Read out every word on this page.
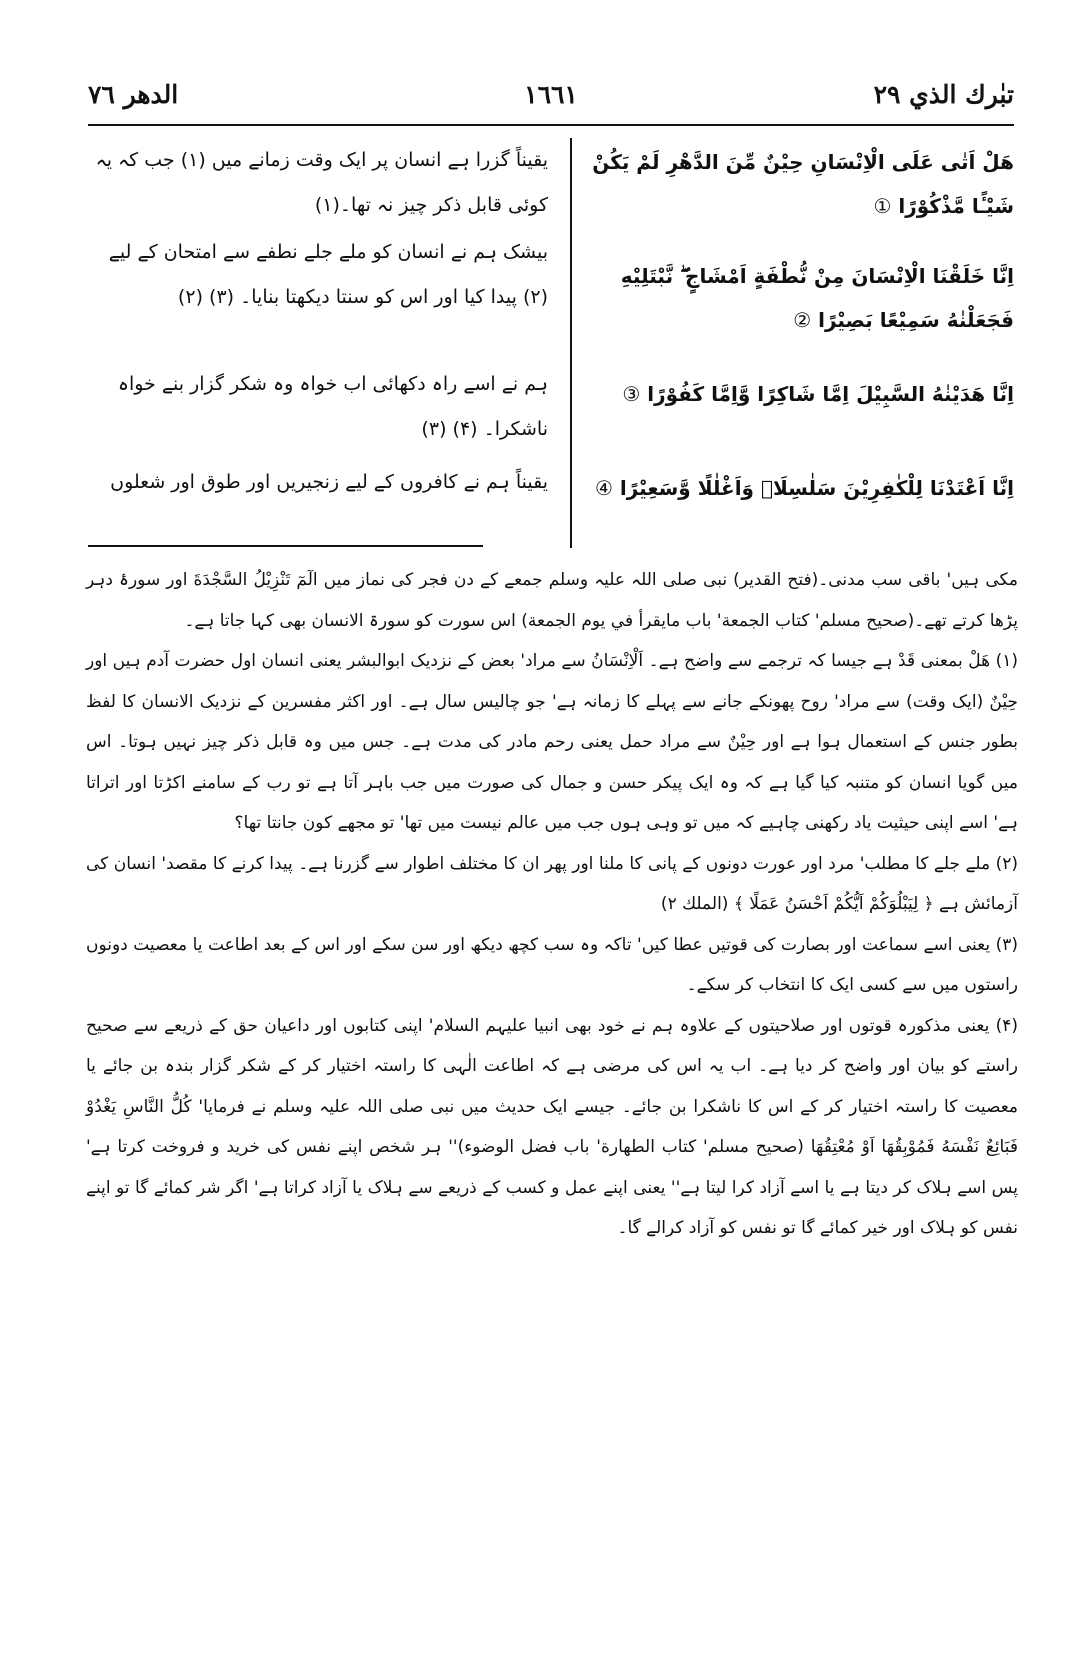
تبٰرك الذي ٢٩
١٦٦١
الدھر ٧٦
هَلْ اَتٰى عَلَى الْاِنْسَانِ حِيْنٌ مِّنَ الدَّهْرِ لَمْ يَكُنْ شَيْـًٔا مَّذْكُوْرًا ①
یقیناً گزرا ہے انسان پر ایک وقت زمانے میں (۱) جب کہ یہ کوئی قابل ذکر چیز نہ تھا۔(۱)
اِنَّا خَلَقْنَا الْاِنْسَانَ مِنْ نُّطْفَةٍ اَمْشَاجٍ ۖ نَّبْتَلِيْهِ فَجَعَلْنٰهُ سَمِيْعًا بَصِيْرًا ②
بیشک ہم نے انسان کو ملے جلے نطفے سے امتحان کے لیے (۲) پیدا کیا اور اس کو سنتا دیکھتا بنایا۔ (۳) (۲)
اِنَّا هَدَيْنٰهُ السَّبِيْلَ اِمَّا شَاكِرًا وَّاِمَّا كَفُوْرًا ③
ہم نے اسے راہ دکھائی اب خواہ وہ شکر گزار بنے خواہ ناشکرا۔ (۴) (۳)
اِنَّا اَعْتَدْنَا لِلْكٰفِرِيْنَ سَلٰسِلَا۟ وَاَغْلٰلًا وَّسَعِيْرًا ④
یقیناً ہم نے کافروں کے لیے زنجیریں اور طوق اور شعلوں

مکی ہیں' باقی سب مدنی۔(فتح القدیر) نبی صلی اللہ علیہ وسلم جمعے کے دن فجر کی نماز میں الٓمٓ تَنْزِيْلُ السَّجْدَةَ اور سورۂ دہر پڑھا کرتے تھے۔(صحیح مسلم' كتاب الجمعة' باب مايقرأ في يوم الجمعة) اس سورت کو سورۃ الانسان بھی کہا جاتا ہے۔

(۱) هَلْ بمعنی قَدْ ہے جیسا کہ ترجمے سے واضح ہے۔ اَلْاِنْسَانُ سے مراد' بعض کے نزدیک ابوالبشر یعنی انسان اول حضرت آدم ہیں اور حِيْنٌ (ایک وقت) سے مراد' روح پھونکے جانے سے پہلے کا زمانہ ہے' جو چالیس سال ہے۔ اور اکثر مفسرین کے نزدیک الانسان کا لفظ بطور جنس کے استعمال ہوا ہے اور حِيْنٌ سے مراد حمل یعنی رحم مادر کی مدت ہے۔ جس میں وہ قابل ذکر چیز نہیں ہوتا۔ اس میں گویا انسان کو متنبہ کیا گیا ہے کہ وہ ایک پیکر حسن و جمال کی صورت میں جب باہر آتا ہے تو رب کے سامنے اکڑتا اور اتراتا ہے' اسے اپنی حیثیت یاد رکھنی چاہیے کہ میں تو وہی ہوں جب میں عالم نیست میں تھا' تو مجھے کون جانتا تھا؟

(۲) ملے جلے کا مطلب' مرد اور عورت دونوں کے پانی کا ملنا اور پھر ان کا مختلف اطوار سے گزرنا ہے۔ پیدا کرنے کا مقصد' انسان کی آزمائش ہے ﴿ لِيَبْلُوَكُمْ اَيُّكُمْ اَحْسَنُ عَمَلًا ﴾ (الملك ٢)

(۳) یعنی اسے سماعت اور بصارت کی قوتیں عطا کیں' تاکہ وہ سب کچھ دیکھ اور سن سکے اور اس کے بعد اطاعت یا معصیت دونوں راستوں میں سے کسی ایک کا انتخاب کر سکے۔

(۴) یعنی مذکورہ قوتوں اور صلاحیتوں کے علاوہ ہم نے خود بھی انبیا علیہم السلام' اپنی کتابوں اور داعیان حق کے ذریعے سے صحیح راستے کو بیان اور واضح کر دیا ہے۔ اب یہ اس کی مرضی ہے کہ اطاعت الٰہی کا راستہ اختیار کر کے شکر گزار بندہ بن جائے یا معصیت کا راستہ اختیار کر کے اس کا ناشکرا بن جائے۔ جیسے ایک حدیث میں نبی صلی اللہ علیہ وسلم نے فرمایا' كُلُّ النَّاسِ يَغْدُوْ فَبَائِعٌ نَفْسَهُ فَمُوْبِقُهَا اَوْ مُعْتِقُهَا (صحیح مسلم' كتاب الطهارة' باب فضل الوضوء)'' ہر شخص اپنے نفس کی خرید و فروخت کرتا ہے' پس اسے ہلاک کر دیتا ہے یا اسے آزاد کرا لیتا ہے'' یعنی اپنے عمل و کسب کے ذریعے سے ہلاک یا آزاد کراتا ہے' اگر شر کمائے گا تو اپنے نفس کو ہلاک اور خیر کمائے گا تو نفس کو آزاد کرالے گا۔
